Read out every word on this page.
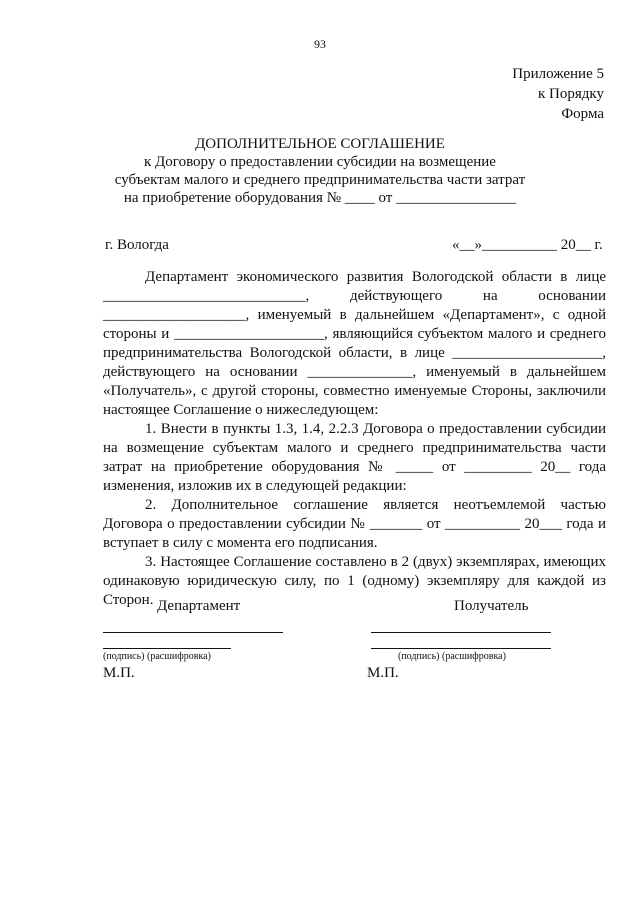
93
Приложение 5
к Порядку
Форма
ДОПОЛНИТЕЛЬНОЕ СОГЛАШЕНИЕ
к Договору о предоставлении субсидии на возмещение
субъектам малого и среднего предпринимательства части затрат
на приобретение оборудования № ____ от ________________
г. Вологда	«__»__________ 20__ г.

Департамент экономического развития Вологодской области в лице ___________________________, действующего на основании ___________________, именуемый в дальнейшем «Департамент», с одной стороны и ____________________, являющийся субъектом малого и среднего предпринимательства Вологодской области, в лице ____________________, действующего на основании ______________, именуемый в дальнейшем «Получатель», с другой стороны, совместно именуемые Стороны, заключили настоящее Соглашение о нижеследующем:

1. Внести в пункты 1.3, 1.4, 2.2.3 Договора о предоставлении субсидии на возмещение субъектам малого и среднего предпринимательства части затрат на приобретение оборудования № _____ от _________ 20__ года изменения, изложив их в следующей редакции:

2. Дополнительное соглашение является неотъемлемой частью Договора о предоставлении субсидии № _______ от __________ 20___ года и вступает в силу с момента его подписания.

3. Настоящее Соглашение составлено в 2 (двух) экземплярах, имеющих одинаковую юридическую силу, по 1 (одному) экземпляру для каждой из Сторон. Департамент	Получатель
(подпись) (расшифровка)	(подпись) (расшифровка)
М.П.	М.П.
